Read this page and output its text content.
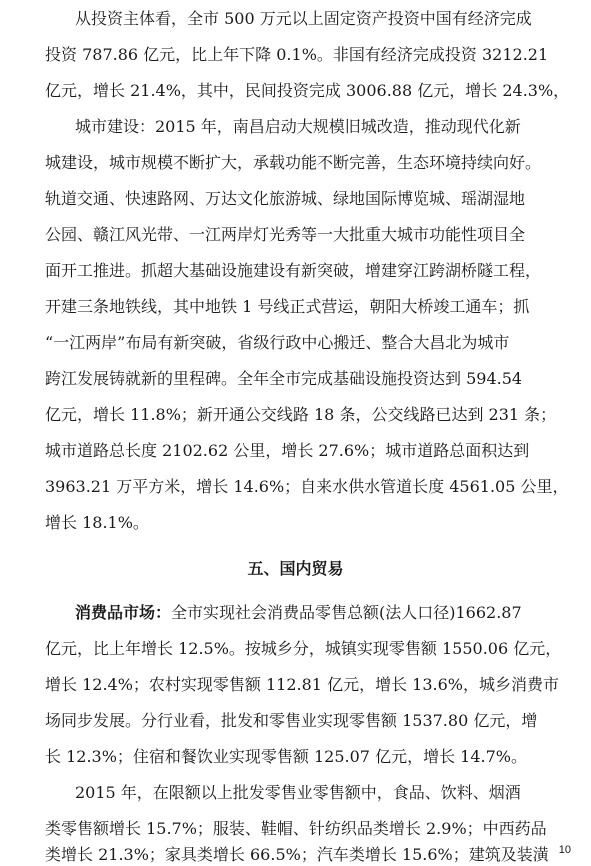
从投资主体看，全市 500 万元以上固定资产投资中国有经济完成
投资 787.86 亿元，比上年下降 0.1%。非国有经济完成投资 3212.21
亿元，增长 21.4%，其中，民间投资完成 3006.88 亿元，增长 24.3%，
城市建设：2015 年，南昌启动大规模旧城改造，推动现代化新
城建设，城市规模不断扩大，承载功能不断完善，生态环境持续向好。
轨道交通、快速路网、万达文化旅游城、绿地国际博览城、瑶湖湿地
公园、赣江风光带、一江两岸灯光秀等一大批重大城市功能性项目全
面开工推进。抓超大基础设施建设有新突破，增建穿江跨湖桥隧工程，
开建三条地铁线，其中地铁 1 号线正式营运，朝阳大桥竣工通车；抓
“一江两岸”布局有新突破，省级行政中心搬迁、整合大昌北为城市
跨江发展铸就新的里程碑。全年全市完成基础设施投资达到 594.54
亿元，增长 11.8%；新开通公交线路 18 条，公交线路已达到 231 条；
城市道路总长度 2102.62 公里，增长 27.6%；城市道路总面积达到
3963.21 万平方米，增长 14.6%；自来水供水管道长度 4561.05 公里，
增长 18.1%。
五、国内贸易
消费品市场：全市实现社会消费品零售总额(法人口径)1662.87
亿元，比上年增长 12.5%。按城乡分，城镇实现零售额 1550.06 亿元，
增长 12.4%；农村实现零售额 112.81 亿元，增长 13.6%，城乡消费市
场同步发展。分行业看，批发和零售业实现零售额 1537.80 亿元，增
长 12.3%；住宿和餐饮业实现零售额 125.07 亿元，增长 14.7%。
2015 年，在限额以上批发零售业零售额中，食品、饮料、烟酒
类零售额增长 15.7%；服装、鞋帽、针纺织品类增长 2.9%；中西药品
类增长 21.3%；家具类增长 66.5%；汽车类增长 15.6%；建筑及装潢 10
